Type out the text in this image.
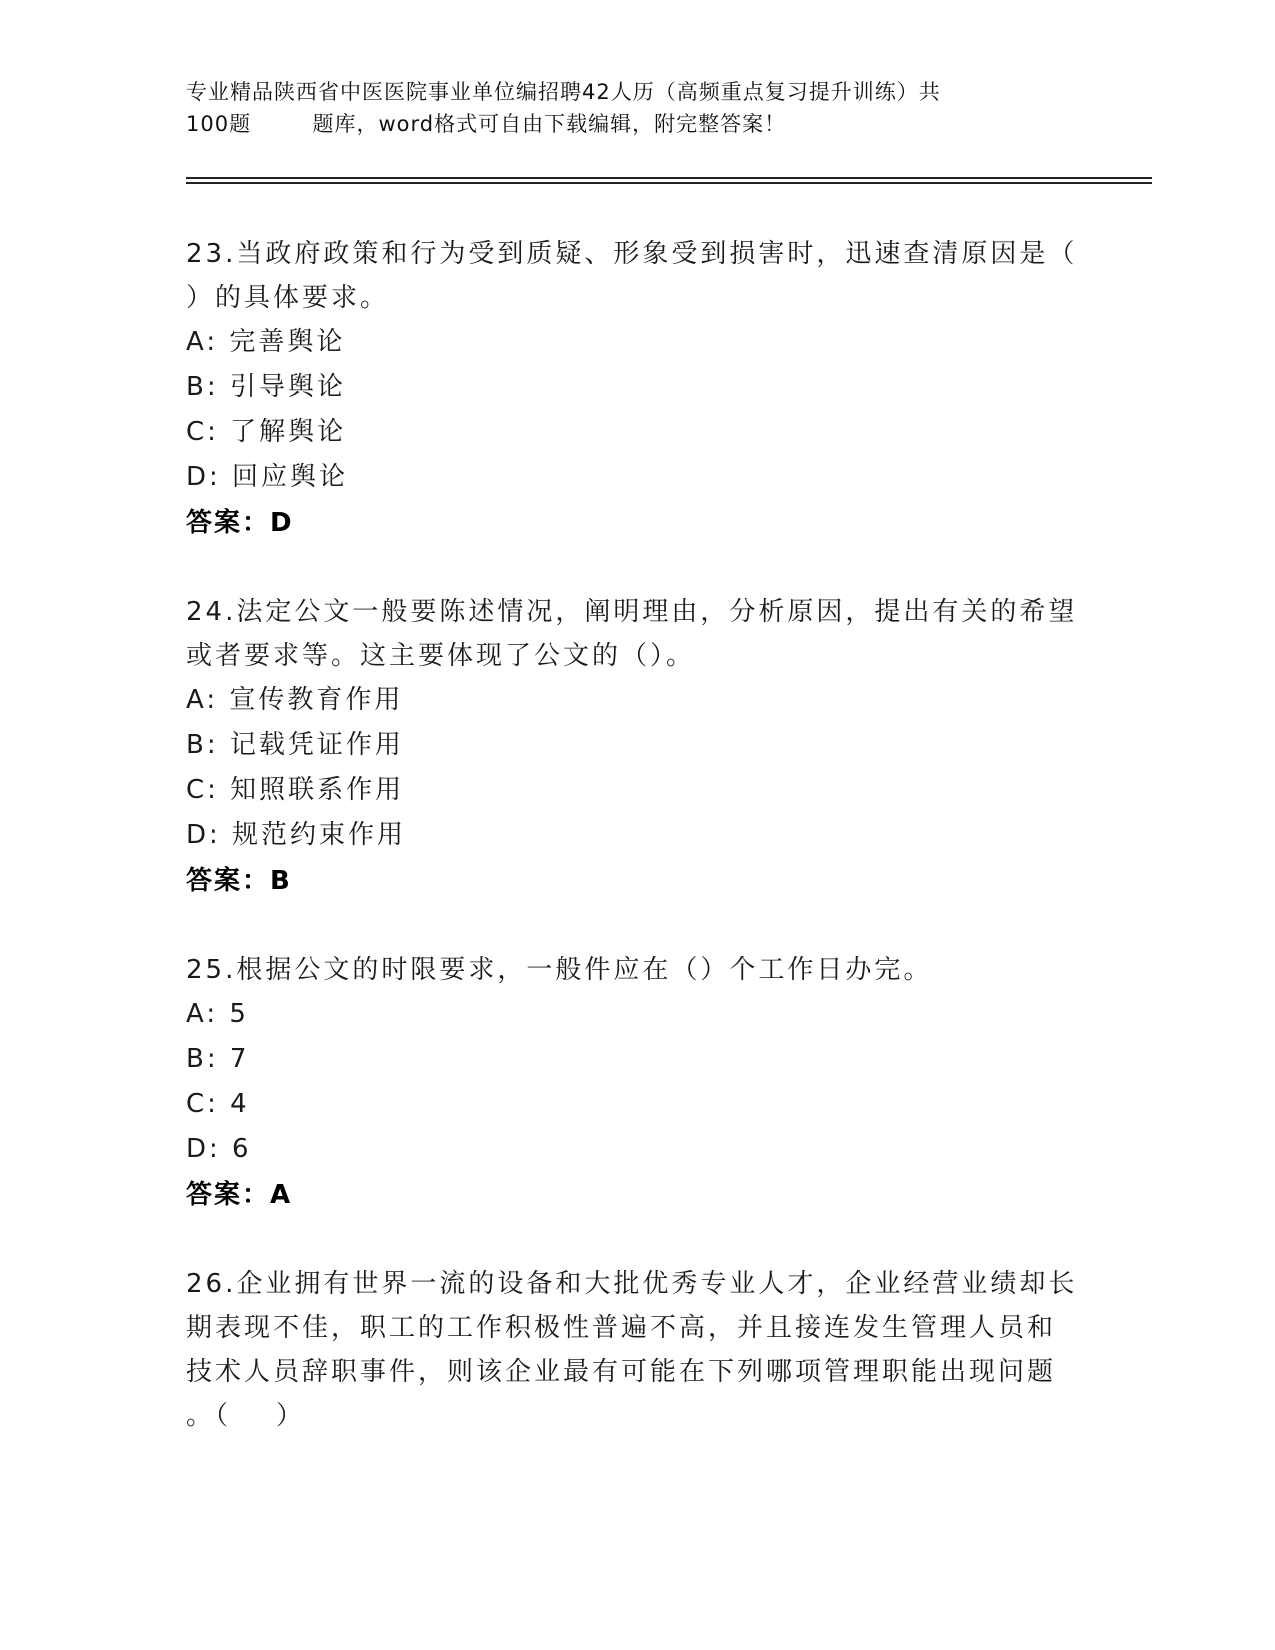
专业精品陕西省中医医院事业单位编招聘42人历（高频重点复习提升训练）共
100题        题库，word格式可自由下载编辑，附完整答案！

23.当政府政策和行为受到质疑、形象受到损害时，迅速查清原因是（

）的具体要求。

A: 完善舆论

B: 引导舆论

C: 了解舆论

D: 回应舆论

答案：D

24.法定公文一般要陈述情况，阐明理由，分析原因，提出有关的希望

或者要求等。这主要体现了公文的（）。

A: 宣传教育作用

B: 记载凭证作用

C: 知照联系作用

D: 规范约束作用

答案：B

25.根据公文的时限要求，一般件应在（）个工作日办完。

A: 5

B: 7

C: 4

D: 6

答案：A

26.企业拥有世界一流的设备和大批优秀专业人才，企业经营业绩却长

期表现不佳，职工的工作积极性普遍不高，并且接连发生管理人员和

技术人员辞职事件，则该企业最有可能在下列哪项管理职能出现问题

。（    ）
